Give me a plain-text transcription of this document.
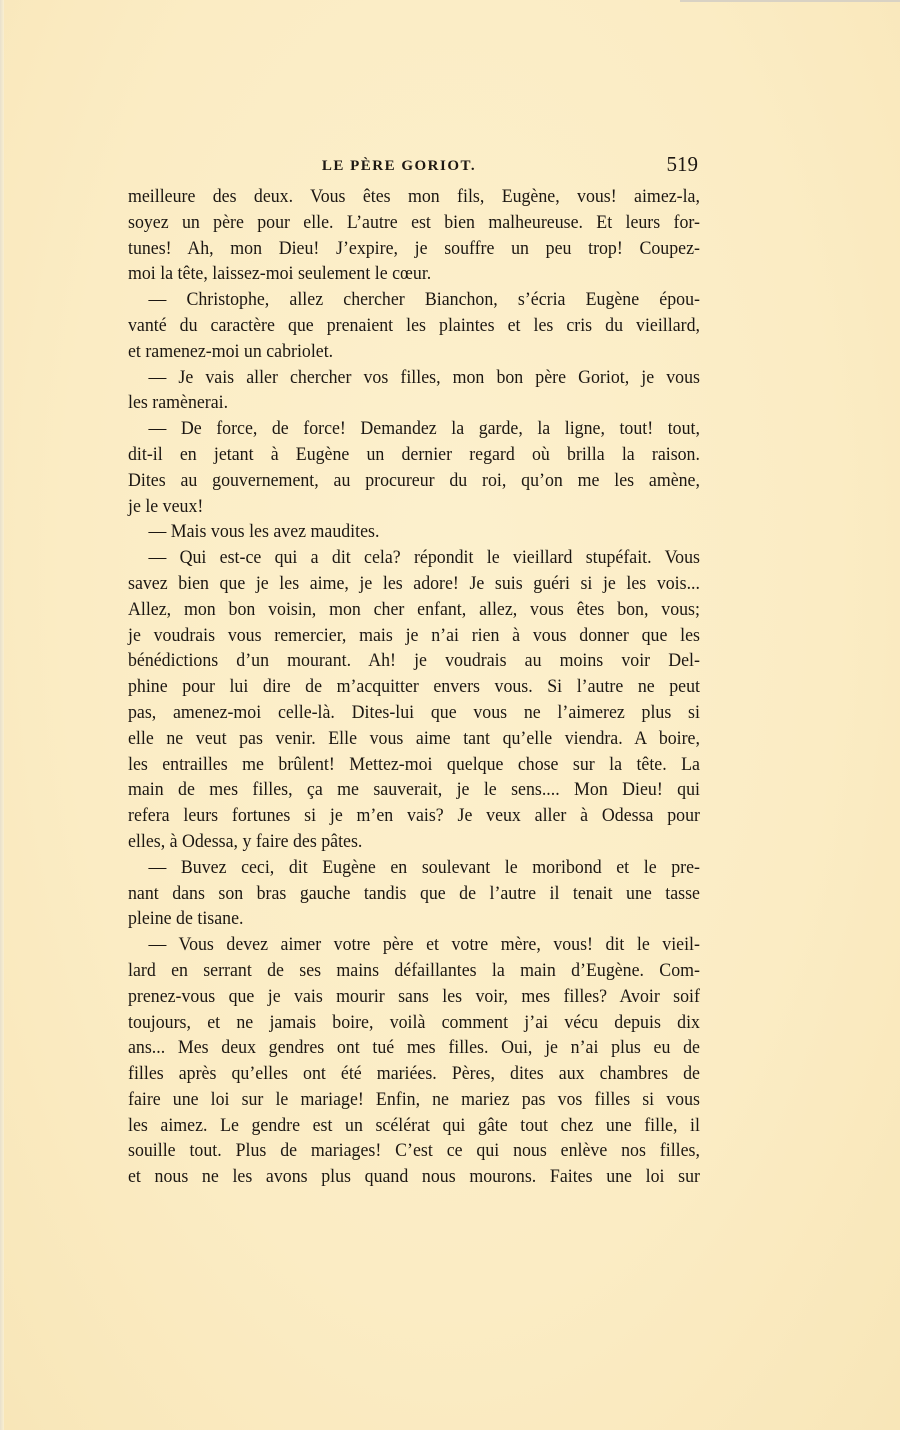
LE PÈRE GORIOT.	519
meilleure des deux. Vous êtes mon fils, Eugène, vous! aimez-la,
soyez un père pour elle. L’autre est bien malheureuse. Et leurs for-
tunes! Ah, mon Dieu! J’expire, je souffre un peu trop! Coupez-
moi la tête, laissez-moi seulement le cœur.
— Christophe, allez chercher Bianchon, s’écria Eugène épou-
vanté du caractère que prenaient les plaintes et les cris du vieillard,
et ramenez-moi un cabriolet.
— Je vais aller chercher vos filles, mon bon père Goriot, je vous
les ramènerai.
— De force, de force! Demandez la garde, la ligne, tout! tout,
dit-il en jetant à Eugène un dernier regard où brilla la raison.
Dites au gouvernement, au procureur du roi, qu’on me les amène,
je le veux!
— Mais vous les avez maudites.
— Qui est-ce qui a dit cela? répondit le vieillard stupéfait. Vous
savez bien que je les aime, je les adore! Je suis guéri si je les vois...
Allez, mon bon voisin, mon cher enfant, allez, vous êtes bon, vous;
je voudrais vous remercier, mais je n’ai rien à vous donner que les
bénédictions d’un mourant. Ah! je voudrais au moins voir Del-
phine pour lui dire de m’acquitter envers vous. Si l’autre ne peut
pas, amenez-moi celle-là. Dites-lui que vous ne l’aimerez plus si
elle ne veut pas venir. Elle vous aime tant qu’elle viendra. A boire,
les entrailles me brûlent! Mettez-moi quelque chose sur la tête. La
main de mes filles, ça me sauverait, je le sens.... Mon Dieu! qui
refera leurs fortunes si je m’en vais? Je veux aller à Odessa pour
elles, à Odessa, y faire des pâtes.
— Buvez ceci, dit Eugène en soulevant le moribond et le pre-
nant dans son bras gauche tandis que de l’autre il tenait une tasse
pleine de tisane.
— Vous devez aimer votre père et votre mère, vous! dit le vieil-
lard en serrant de ses mains défaillantes la main d’Eugène. Com-
prenez-vous que je vais mourir sans les voir, mes filles? Avoir soif
toujours, et ne jamais boire, voilà comment j’ai vécu depuis dix
ans... Mes deux gendres ont tué mes filles. Oui, je n’ai plus eu de
filles après qu’elles ont été mariées. Pères, dites aux chambres de
faire une loi sur le mariage! Enfin, ne mariez pas vos filles si vous
les aimez. Le gendre est un scélérat qui gâte tout chez une fille, il
souille tout. Plus de mariages! C’est ce qui nous enlève nos filles,
et nous ne les avons plus quand nous mourons. Faites une loi sur
